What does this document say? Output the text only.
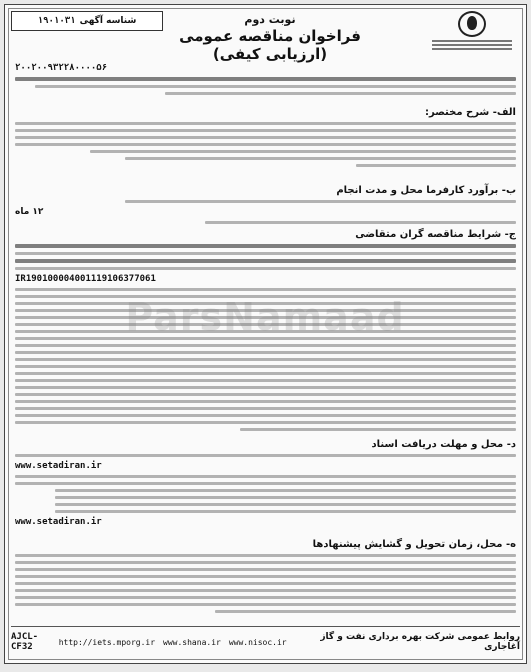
شناسه آگهی
۱۹۰۱۰۳۱	نوبت دوم
فراخوان مناقصه عمومی (ارزیابی کیفی)
۲۰۰۲۰۰۹۳۲۲۸۰۰۰۰۵۶
الف- شرح مختصر:
ب- برآورد کارفرما محل و مدت انجام
۱۲ ماه
ج- شرایط مناقصه گران متقاضی
IR190100004001119106377061
د- محل و مهلت دریافت اسناد
www.setadiran.ir
www.setadiran.ir
ه- محل، زمان تحویل و گشایش پیشنهادها
ParsNamaad
AJCL-CF32	http://iets.mporg.ir www.shana.ir www.nisoc.ir	روابط عمومی شرکت بهره برداری نفت و گاز آغاجاری
